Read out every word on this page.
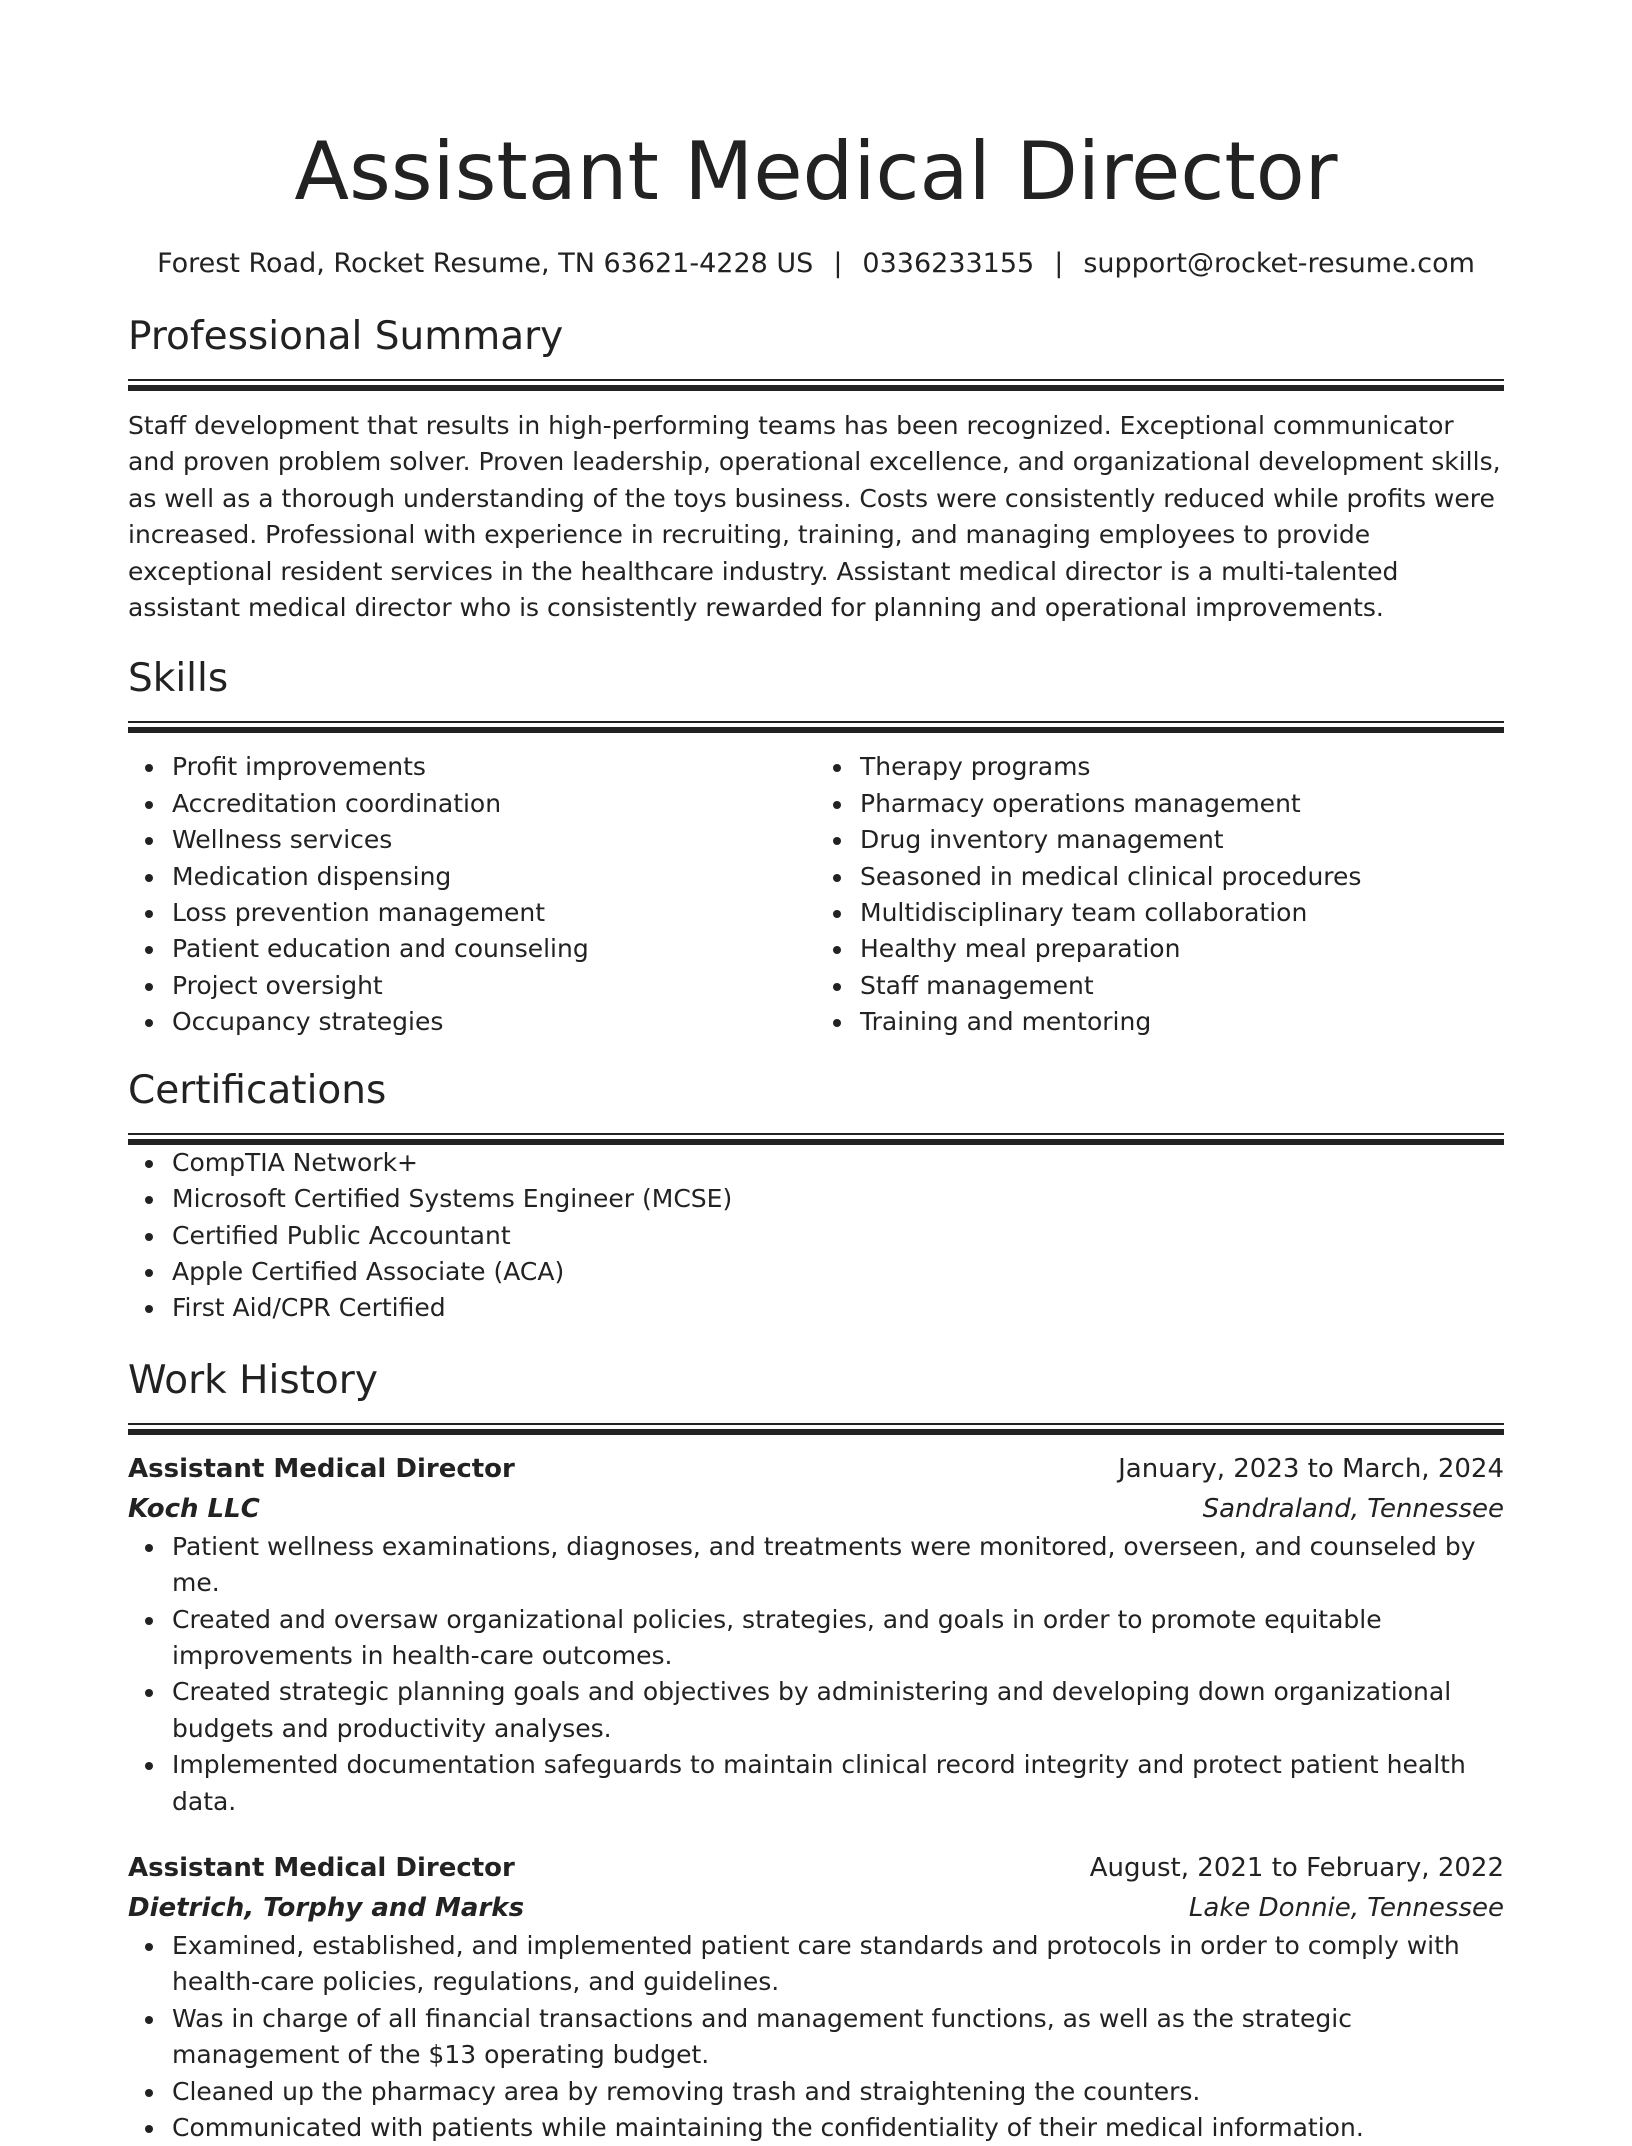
Assistant Medical Director
Forest Road, Rocket Resume, TN 63621-4228 US | 0336233155 | support@rocket-resume.com
Professional Summary

Staff development that results in high-performing teams has been recognized. Exceptional communicator and proven problem solver. Proven leadership, operational excellence, and organizational development skills, as well as a thorough understanding of the toys business. Costs were consistently reduced while profits were increased. Professional with experience in recruiting, training, and managing employees to provide exceptional resident services in the healthcare industry. Assistant medical director is a multi-talented assistant medical director who is consistently rewarded for planning and operational improvements.

Skills
Profit improvements
Accreditation coordination
Wellness services
Medication dispensing
Loss prevention management
Patient education and counseling
Project oversight
Occupancy strategies
Therapy programs
Pharmacy operations management
Drug inventory management
Seasoned in medical clinical procedures
Multidisciplinary team collaboration
Healthy meal preparation
Staff management
Training and mentoring
Certifications
CompTIA Network+
Microsoft Certified Systems Engineer (MCSE)
Certified Public Accountant
Apple Certified Associate (ACA)
First Aid/CPR Certified
Work History
Assistant Medical Director	January, 2023 to March, 2024
Koch LLC	Sandraland, Tennessee
Patient wellness examinations, diagnoses, and treatments were monitored, overseen, and counseled by me.
Created and oversaw organizational policies, strategies, and goals in order to promote equitable improvements in health-care outcomes.
Created strategic planning goals and objectives by administering and developing down organizational budgets and productivity analyses.
Implemented documentation safeguards to maintain clinical record integrity and protect patient health data.
Assistant Medical Director	August, 2021 to February, 2022
Dietrich, Torphy and Marks	Lake Donnie, Tennessee
Examined, established, and implemented patient care standards and protocols in order to comply with health-care policies, regulations, and guidelines.
Was in charge of all financial transactions and management functions, as well as the strategic management of the $13 operating budget.
Cleaned up the pharmacy area by removing trash and straightening the counters.
Communicated with patients while maintaining the confidentiality of their medical information.
